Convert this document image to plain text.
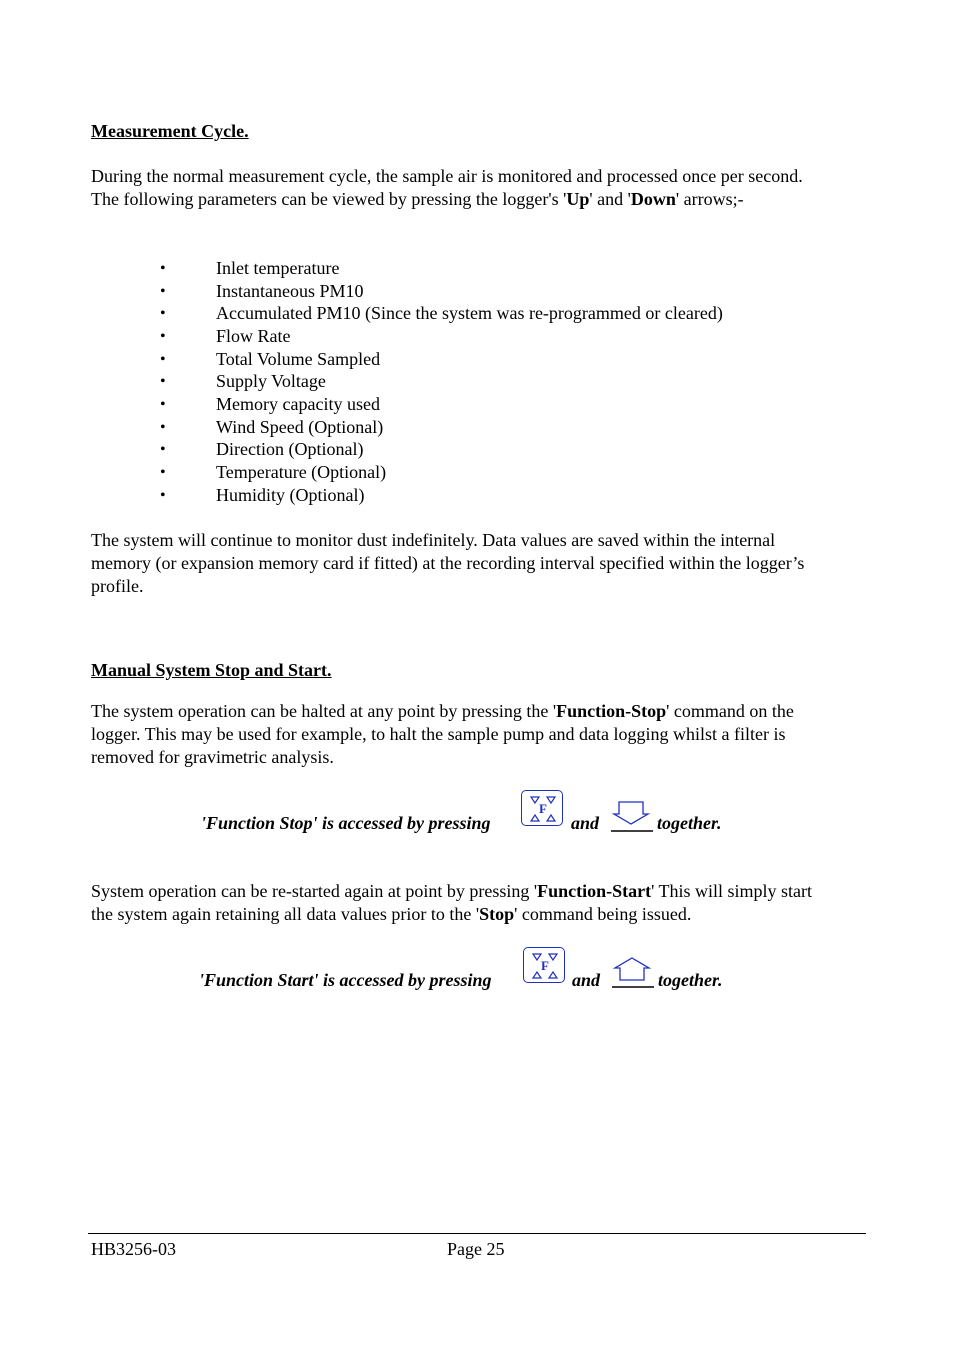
Measurement Cycle.
During the normal measurement cycle, the sample air is monitored and processed once per second. The following parameters can be viewed by pressing the logger's 'Up' and 'Down' arrows;-
•	Inlet temperature
•	Instantaneous PM10
•	Accumulated PM10 (Since the system was re-programmed or cleared)
•	Flow Rate
•	Total Volume Sampled
•	Supply Voltage
•	Memory capacity used
•	Wind Speed (Optional)
•	Direction (Optional)
•	Temperature (Optional)
•	Humidity (Optional)
The system will continue to monitor dust indefinitely. Data values are saved within the internal memory (or expansion memory card if fitted) at the recording interval specified within the logger’s profile.
Manual System Stop and Start.
The system operation can be halted at any point by pressing the 'Function-Stop' command on the logger. This may be used for example, to halt the sample pump and data logging whilst a filter is removed for gravimetric analysis.
'Function Stop' is accessed by pressing
F
and	together.
System operation can be re-started again at point by pressing 'Function-Start' This will simply start the system again retaining all data values prior to the 'Stop' command being issued.
'Function Start' is accessed by pressing
F
and	together.
HB3256-03	Page 25
